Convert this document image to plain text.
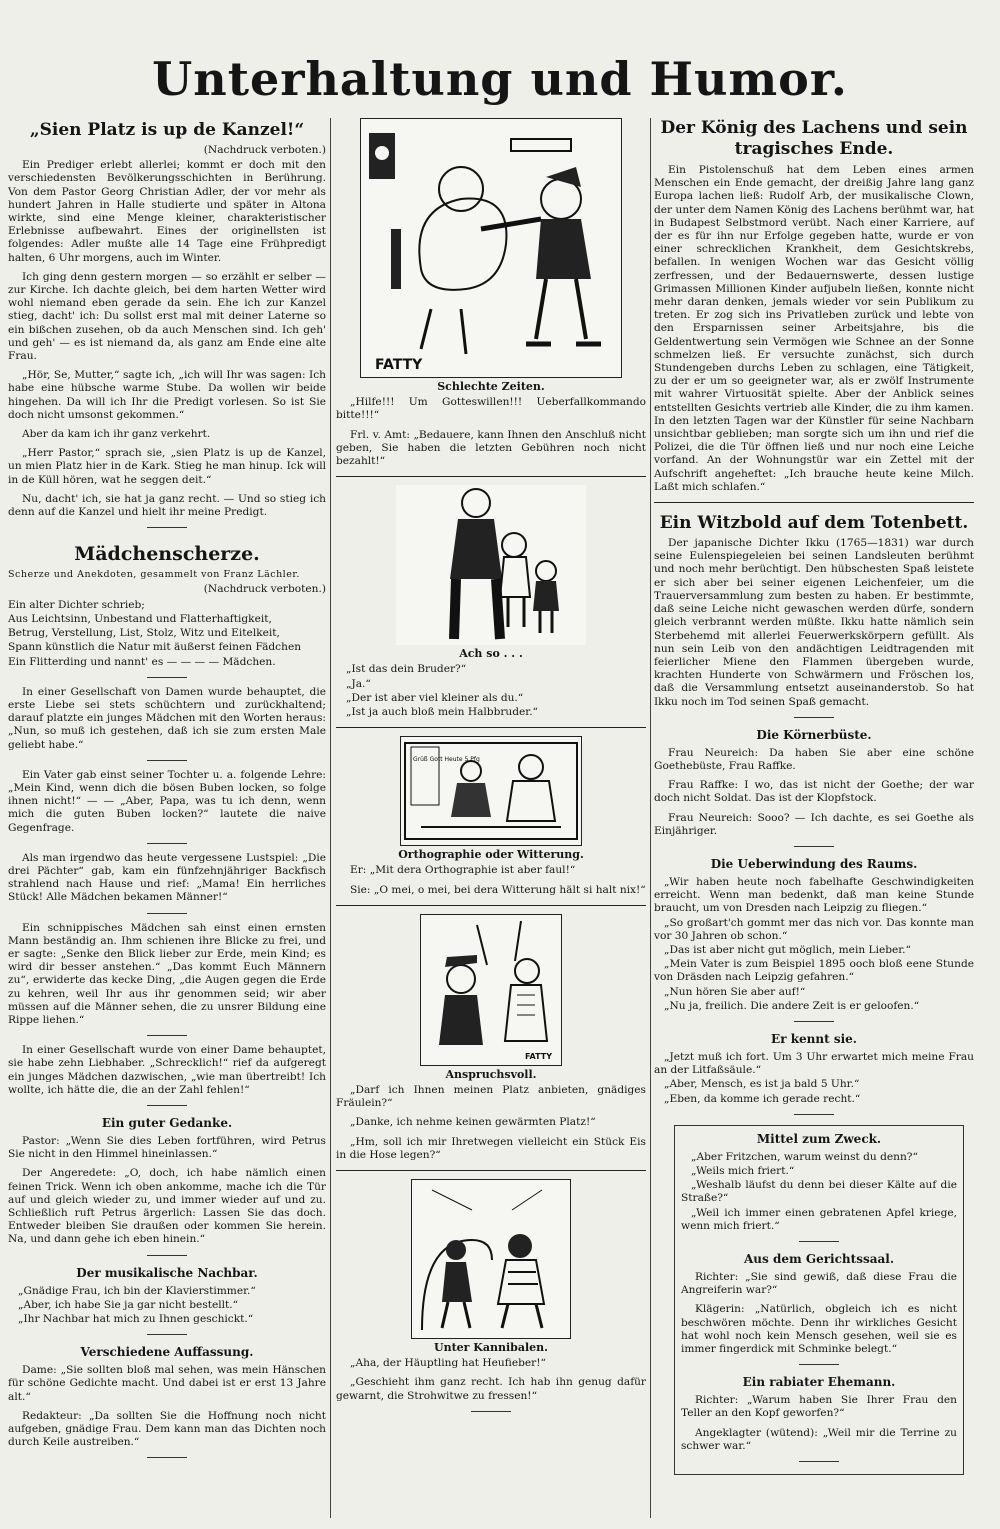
Unterhaltung und Humor.
„Sien Platz is up de Kanzel!“
(Nachdruck verboten.)

Ein Prediger erlebt allerlei; kommt er doch mit den verschiedensten Bevölkerungsschichten in Berührung. Von dem Pastor Georg Christian Adler, der vor mehr als hundert Jahren in Halle studierte und später in Altona wirkte, sind eine Menge kleiner, charakteristischer Erlebnisse aufbewahrt. Eines der originellsten ist folgendes: Adler mußte alle 14 Tage eine Frühpredigt halten, 6 Uhr morgens, auch im Winter.

Ich ging denn gestern morgen — so erzählt er selber — zur Kirche. Ich dachte gleich, bei dem harten Wetter wird wohl niemand eben gerade da sein. Ehe ich zur Kanzel stieg, dacht' ich: Du sollst erst mal mit deiner Laterne so ein bißchen zusehen, ob da auch Menschen sind. Ich geh' und geh' — es ist niemand da, als ganz am Ende eine alte Frau.

„Hör, Se, Mutter,“ sagte ich, „ich will Ihr was sagen: Ich habe eine hübsche warme Stube. Da wollen wir beide hingehen. Da will ich Ihr die Predigt vorlesen. So ist Sie doch nicht umsonst gekommen.“

Aber da kam ich ihr ganz verkehrt.

„Herr Pastor,“ sprach sie, „sien Platz is up de Kanzel, un mien Platz hier in de Kark. Stieg he man hinup. Ick will in de Küll hören, wat he seggen deit.“

Nu, dacht' ich, sie hat ja ganz recht. — Und so stieg ich denn auf die Kanzel und hielt ihr meine Predigt.

Mädchenscherze.
Scherze und Anekdoten, gesammelt von Franz Lächler.
(Nachdruck verboten.)

Ein alter Dichter schrieb;

Aus Leichtsinn, Unbestand und Flatterhaftigkeit,

Betrug, Verstellung, List, Stolz, Witz und Eitelkeit,

Spann künstlich die Natur mit äußerst feinen Fädchen

Ein Flitterding und nannt' es — — — — Mädchen.

In einer Gesellschaft von Damen wurde behauptet, die erste Liebe sei stets schüchtern und zurückhaltend; darauf platzte ein junges Mädchen mit den Worten heraus: „Nun, so muß ich gestehen, daß ich sie zum ersten Male geliebt habe.“

Ein Vater gab einst seiner Tochter u. a. folgende Lehre: „Mein Kind, wenn dich die bösen Buben locken, so folge ihnen nicht!“ — — „Aber, Papa, was tu ich denn, wenn mich die guten Buben locken?“ lautete die naive Gegenfrage.

Als man irgendwo das heute vergessene Lustspiel: „Die drei Pächter“ gab, kam ein fünfzehnjähriger Backfisch strahlend nach Hause und rief: „Mama! Ein herrliches Stück! Alle Mädchen bekamen Männer!“

Ein schnippisches Mädchen sah einst einen ernsten Mann beständig an. Ihm schienen ihre Blicke zu frei, und er sagte: „Senke den Blick lieber zur Erde, mein Kind; es wird dir besser anstehen.“ „Das kommt Euch Männern zu“, erwiderte das kecke Ding, „die Augen gegen die Erde zu kehren, weil Ihr aus ihr genommen seid; wir aber müssen auf die Männer sehen, die zu unsrer Bildung eine Rippe liehen.“

In einer Gesellschaft wurde von einer Dame behauptet, sie habe zehn Liebhaber. „Schrecklich!“ rief da aufgeregt ein junges Mädchen dazwischen, „wie man übertreibt! Ich wollte, ich hätte die, die an der Zahl fehlen!“

Ein guter Gedanke.

Pastor: „Wenn Sie dies Leben fortführen, wird Petrus Sie nicht in den Himmel hineinlassen.“

Der Angeredete: „O, doch, ich habe nämlich einen feinen Trick. Wenn ich oben ankomme, mache ich die Tür auf und gleich wieder zu, und immer wieder auf und zu. Schließlich ruft Petrus ärgerlich: Lassen Sie das doch. Entweder bleiben Sie draußen oder kommen Sie herein. Na, und dann gehe ich eben hinein.“

Der musikalische Nachbar.

„Gnädige Frau, ich bin der Klavierstimmer.“

„Aber, ich habe Sie ja gar nicht bestellt.“

„Ihr Nachbar hat mich zu Ihnen geschickt.“

Verschiedene Auffassung.

Dame: „Sie sollten bloß mal sehen, was mein Hänschen für schöne Gedichte macht. Und dabei ist er erst 13 Jahre alt.“

Redakteur: „Da sollten Sie die Hoffnung noch nicht aufgeben, gnädige Frau. Dem kann man das Dichten noch durch Keile austreiben.“

FATTY
Schlechte Zeiten.

„Hilfe!!! Um Gotteswillen!!! Ueberfallkommando bitte!!!“

Frl. v. Amt: „Bedauere, kann Ihnen den Anschluß nicht geben, Sie haben die letzten Gebühren noch nicht bezahlt!“

Ach so . . .

„Ist das dein Bruder?“

„Ja.“

„Der ist aber viel kleiner als du.“

„Ist ja auch bloß mein Halbbruder.“

Grüß Gott Heute 5 Pfg
Orthographie oder Witterung.

Er: „Mit dera Orthographie ist aber faul!“

Sie: „O mei, o mei, bei dera Witterung hält si halt nix!“

FATTY
Anspruchsvoll.

„Darf ich Ihnen meinen Platz anbieten, gnädiges Fräulein?“

„Danke, ich nehme keinen gewärmten Platz!“

„Hm, soll ich mir Ihretwegen vielleicht ein Stück Eis in die Hose legen?“

Unter Kannibalen.

„Aha, der Häuptling hat Heufieber!“

„Geschieht ihm ganz recht. Ich hab ihn genug dafür gewarnt, die Strohwitwe zu fressen!“

Der König des Lachens und sein tragisches Ende.

Ein Pistolenschuß hat dem Leben eines armen Menschen ein Ende gemacht, der dreißig Jahre lang ganz Europa lachen ließ: Rudolf Arb, der musikalische Clown, der unter dem Namen König des Lachens berühmt war, hat in Budapest Selbstmord verübt. Nach einer Karriere, auf der es für ihn nur Erfolge gegeben hatte, wurde er von einer schrecklichen Krankheit, dem Gesichtskrebs, befallen. In wenigen Wochen war das Gesicht völlig zerfressen, und der Bedauernswerte, dessen lustige Grimassen Millionen Kinder aufjubeln ließen, konnte nicht mehr daran denken, jemals wieder vor sein Publikum zu treten. Er zog sich ins Privatleben zurück und lebte von den Ersparnissen seiner Arbeitsjahre, bis die Geldentwertung sein Vermögen wie Schnee an der Sonne schmelzen ließ. Er versuchte zunächst, sich durch Stundengeben durchs Leben zu schlagen, eine Tätigkeit, zu der er um so geeigneter war, als er zwölf Instrumente mit wahrer Virtuosität spielte. Aber der Anblick seines entstellten Gesichts vertrieb alle Kinder, die zu ihm kamen. In den letzten Tagen war der Künstler für seine Nachbarn unsichtbar geblieben; man sorgte sich um ihn und rief die Polizei, die die Tür öffnen ließ und nur noch eine Leiche vorfand. An der Wohnungstür war ein Zettel mit der Aufschrift angeheftet: „Ich brauche heute keine Milch. Laßt mich schlafen.“

Ein Witzbold auf dem Totenbett.

Der japanische Dichter Ikku (1765—1831) war durch seine Eulenspiegeleien bei seinen Landsleuten berühmt und noch mehr berüchtigt. Den hübschesten Spaß leistete er sich aber bei seiner eigenen Leichenfeier, um die Trauerversammlung zum besten zu haben. Er bestimmte, daß seine Leiche nicht gewaschen werden dürfe, sondern gleich verbrannt werden müßte. Ikku hatte nämlich sein Sterbehemd mit allerlei Feuerwerkskörpern gefüllt. Als nun sein Leib von den andächtigen Leidtragenden mit feierlicher Miene den Flammen übergeben wurde, krachten Hunderte von Schwärmern und Fröschen los, daß die Versammlung entsetzt auseinanderstob. So hat Ikku noch im Tod seinen Spaß gemacht.

Die Körnerbüste.

Frau Neureich: Da haben Sie aber eine schöne Goethebüste, Frau Raffke.

Frau Raffke: I wo, das ist nicht der Goethe; der war doch nicht Soldat. Das ist der Klopfstock.

Frau Neureich: Sooo? — Ich dachte, es sei Goethe als Einjähriger.

Die Ueberwindung des Raums.

„Wir haben heute noch fabelhafte Geschwindigkeiten erreicht. Wenn man bedenkt, daß man keine Stunde braucht, um von Dresden nach Leipzig zu fliegen.“

„So großart'ch gommt mer das nich vor. Das konnte man vor 30 Jahren ob schon.“

„Das ist aber nicht gut möglich, mein Lieber.“

„Mein Vater is zum Beispiel 1895 ooch bloß eene Stunde von Dräsden nach Leipzig gefahren.“

„Nun hören Sie aber auf!“

„Nu ja, freilich. Die andere Zeit is er geloofen.“

Er kennt sie.

„Jetzt muß ich fort. Um 3 Uhr erwartet mich meine Frau an der Litfaßsäule.“

„Aber, Mensch, es ist ja bald 5 Uhr.“

„Eben, da komme ich gerade recht.“

Mittel zum Zweck.

„Aber Fritzchen, warum weinst du denn?“

„Weils mich friert.“

„Weshalb läufst du denn bei dieser Kälte auf die Straße?“

„Weil ich immer einen gebratenen Apfel kriege, wenn mich friert.“

Aus dem Gerichtssaal.

Richter: „Sie sind gewiß, daß diese Frau die Angreiferin war?“

Klägerin: „Natürlich, obgleich ich es nicht beschwören möchte. Denn ihr wirkliches Gesicht hat wohl noch kein Mensch gesehen, weil sie es immer fingerdick mit Schminke belegt.“

Ein rabiater Ehemann.

Richter: „Warum haben Sie Ihrer Frau den Teller an den Kopf geworfen?“

Angeklagter (wütend): „Weil mir die Terrine zu schwer war.“
